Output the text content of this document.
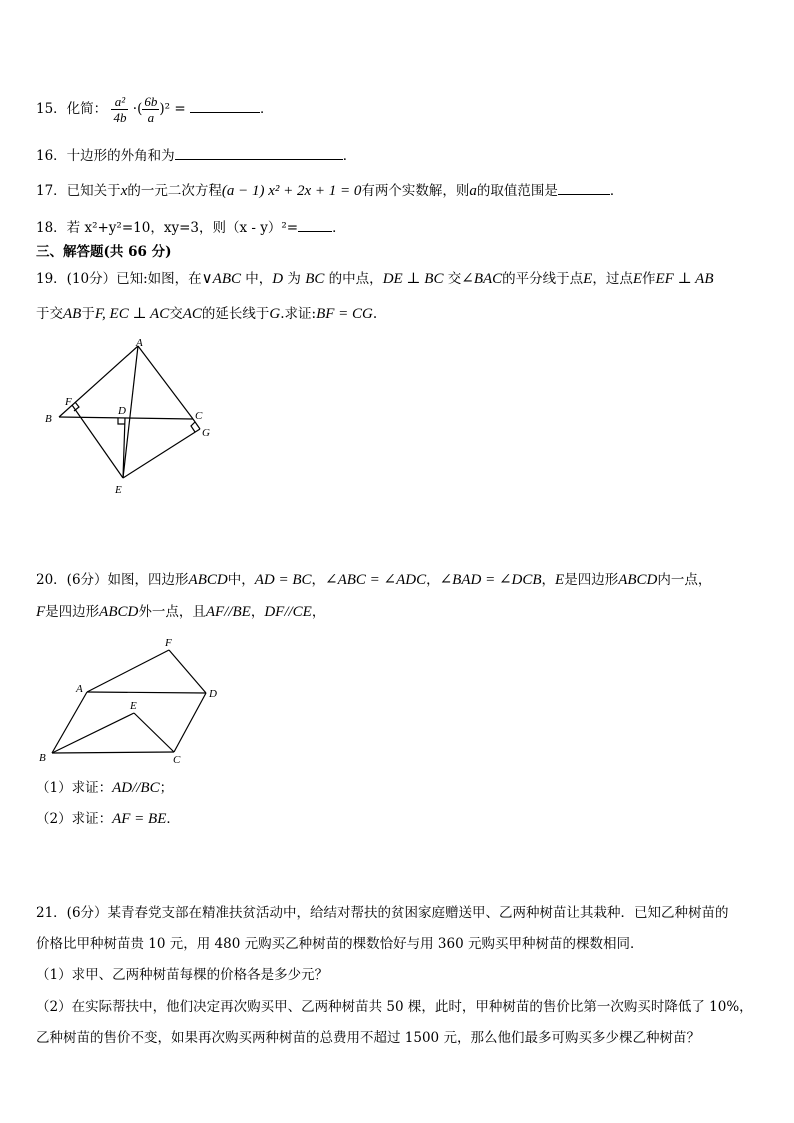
15．化简： $\frac{\text{a²}}{4b}$ ·( $\frac{6b}{a} )^2$ =	．
16．十边形的外角和为	．
17．已知关于x的一元二次方程(a − 1) x² + 2x + 1 = 0有两个实数解，则a的取值范围是	．
18．若 x²+y²=10，xy=3，则（x - y）²=	．
三、解答题(共 66 分)
19．(10分）已知:如图，在∨ABC 中，D 为 BC 的中点，DE ⊥ BC 交∠BAC的平分线于点E，过点E作EF ⊥ AB
于交AB于F, EC ⊥ AC交AC的延长线于G.求证:BF = CG.
A
B
F
D	C
G
E
20．(6分）如图，四边形ABCD中，AD = BC，∠ABC = ∠ADC，∠BAD = ∠DCB，E是四边形ABCD内一点，
F是四边形ABCD外一点，且AF//BE，DF//CE，
F
A	D
E
B	C
（1）求证：AD//BC；
（2）求证：AF = BE．
21．(6分）某青春党支部在精准扶贫活动中，给结对帮扶的贫困家庭赠送甲、乙两种树苗让其栽种．已知乙种树苗的
价格比甲种树苗贵 10 元，用 480 元购买乙种树苗的棵数恰好与用 360 元购买甲种树苗的棵数相同．
（1）求甲、乙两种树苗每棵的价格各是多少元？
（2）在实际帮扶中，他们决定再次购买甲、乙两种树苗共 50 棵，此时，甲种树苗的售价比第一次购买时降低了 10%，
乙种树苗的售价不变，如果再次购买两种树苗的总费用不超过 1500 元，那么他们最多可购买多少棵乙种树苗？
